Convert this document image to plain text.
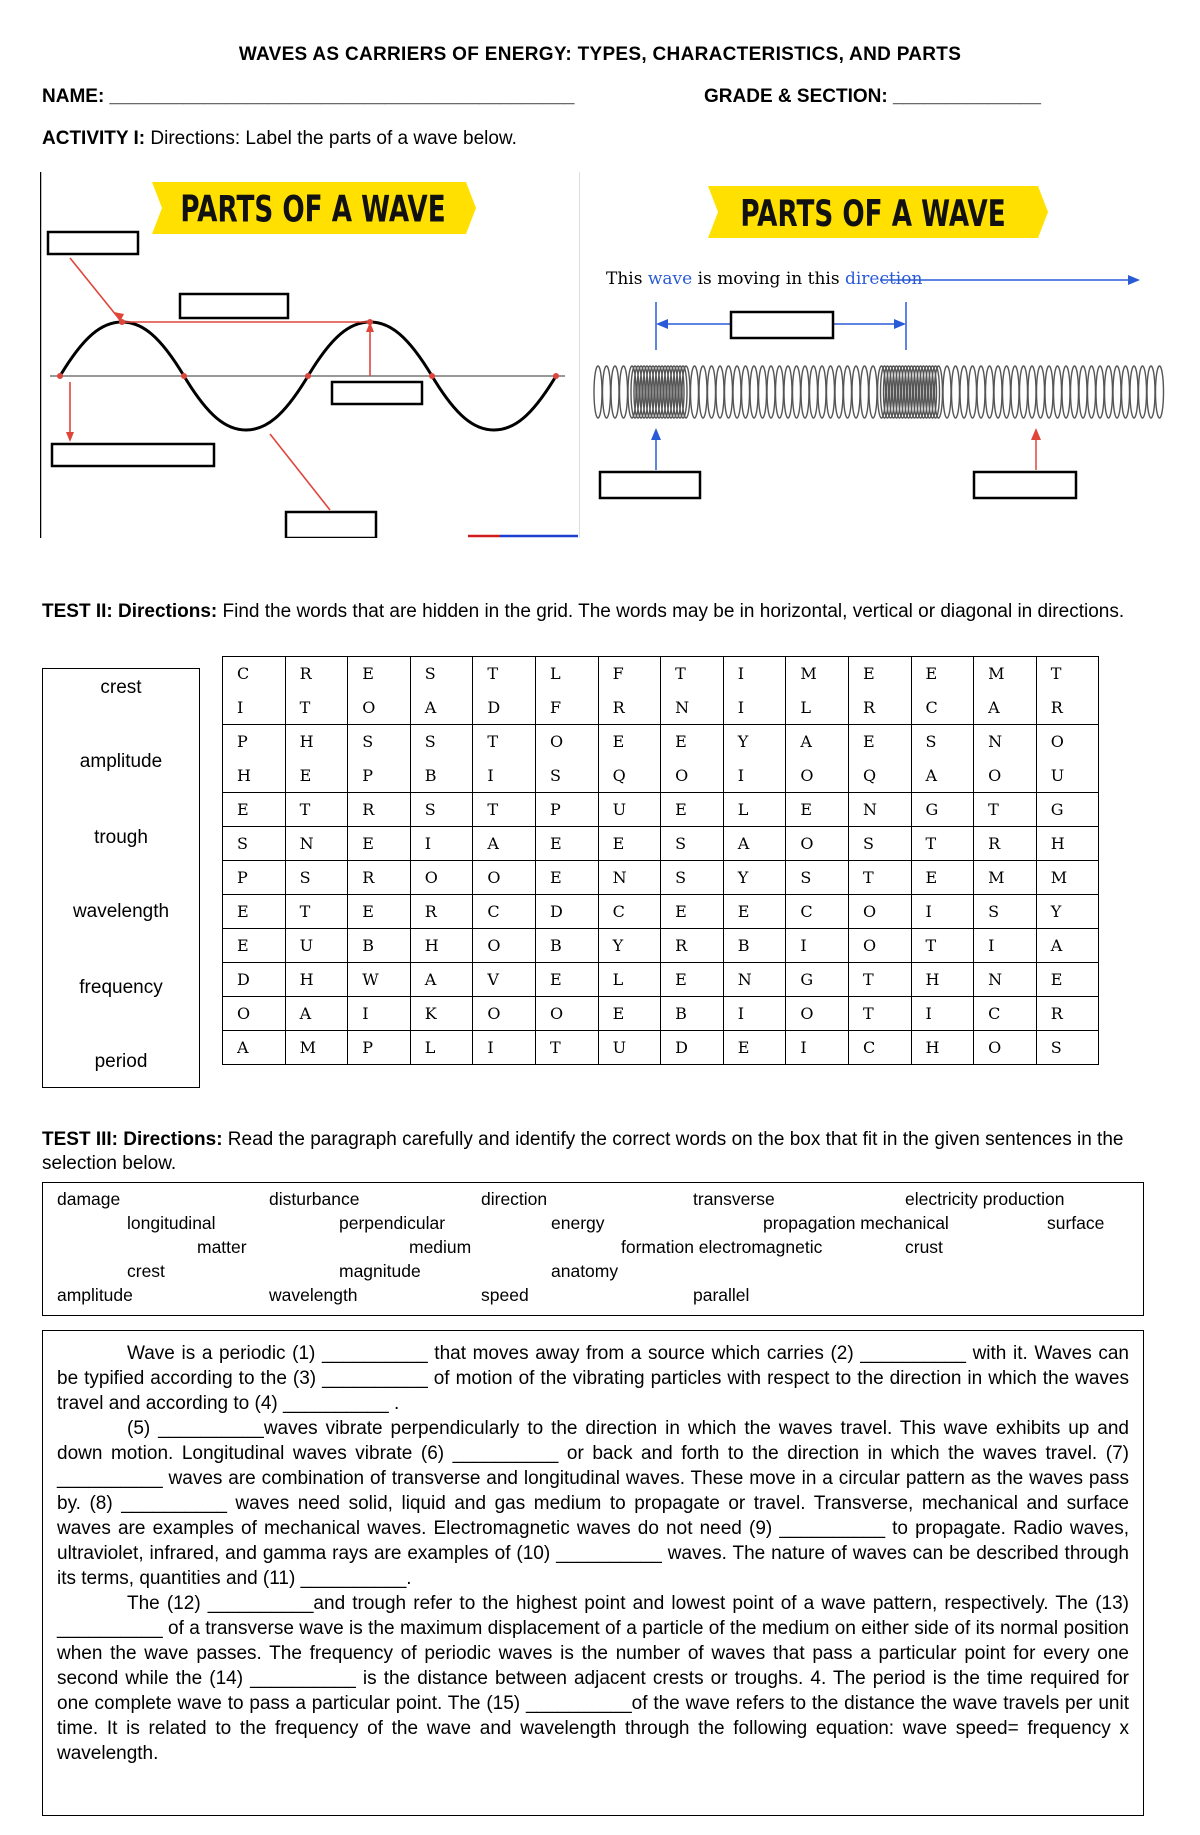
WAVES AS CARRIERS OF ENERGY: TYPES, CHARACTERISTICS, AND PARTS
NAME: ____________________________________________	GRADE & SECTION: ______________
ACTIVITY I: Directions: Label the parts of a wave below.
PARTS OF A WAVE	PARTS OF A WAVE
This wave is moving in this direction
TEST II: Directions: Find the words that are hidden in the grid. The words may be in horizontal, vertical or diagonal in directions.
crest
amplitude
trough
wavelength
frequency
period
C	R	E	S	T	L	F	T	I	M	E	E	M	T
I	T	O	A	D	F	R	N	I	L	R	C	A	R
P	H	S	S	T	O	E	E	Y	A	E	S	N	O
H	E	P	B	I	S	Q	O	I	O	Q	A	O	U
E	T	R	S	T	P	U	E	L	E	N	G	T	G
S	N	E	I	A	E	E	S	A	O	S	T	R	H
P	S	R	O	O	E	N	S	Y	S	T	E	M	M
E	T	E	R	C	D	C	E	E	C	O	I	S	Y
E	U	B	H	O	B	Y	R	B	I	O	T	I	A
D	H	W	A	V	E	L	E	N	G	T	H	N	E
O	A	I	K	O	O	E	B	I	O	T	I	C	R
A	M	P	L	I	T	U	D	E	I	C	H	O	S
TEST III: Directions: Read the paragraph carefully and identify the correct words on the box that fit in the given sentences in the selection below.
damage	disturbance	direction	transverse	electricity production
longitudinal	perpendicular	energy	propagation mechanical	surface
matter	medium	formation electromagnetic	crust
crest	magnitude	anatomy
amplitude	wavelength	speed	parallel

Wave is a periodic (1) __________ that moves away from a source which carries (2) __________ with it. Waves can be typified according to the (3) __________ of motion of the vibrating particles with respect to the direction in which the waves travel and according to (4) __________ .

(5) __________waves vibrate perpendicularly to the direction in which the waves travel. This wave exhibits up and down motion. Longitudinal waves vibrate (6) __________ or back and forth to the direction in which the waves travel. (7) __________ waves are combination of transverse and longitudinal waves. These move in a circular pattern as the waves pass by. (8) __________ waves need solid, liquid and gas medium to propagate or travel. Transverse, mechanical and surface waves are examples of mechanical waves. Electromagnetic waves do not need (9) __________ to propagate. Radio waves, ultraviolet, infrared, and gamma rays are examples of (10) __________ waves. The nature of waves can be described through its terms, quantities and (11) __________.

The (12) __________and trough refer to the highest point and lowest point of a wave pattern, respectively. The (13) __________ of a transverse wave is the maximum displacement of a particle of the medium on either side of its normal position when the wave passes. The frequency of periodic waves is the number of waves that pass a particular point for every one second while the (14) __________ is the distance between adjacent crests or troughs. 4. The period is the time required for one complete wave to pass a particular point. The (15) __________of the wave refers to the distance the wave travels per unit time. It is related to the frequency of the wave and wavelength through the following equation: wave speed= frequency x wavelength.
